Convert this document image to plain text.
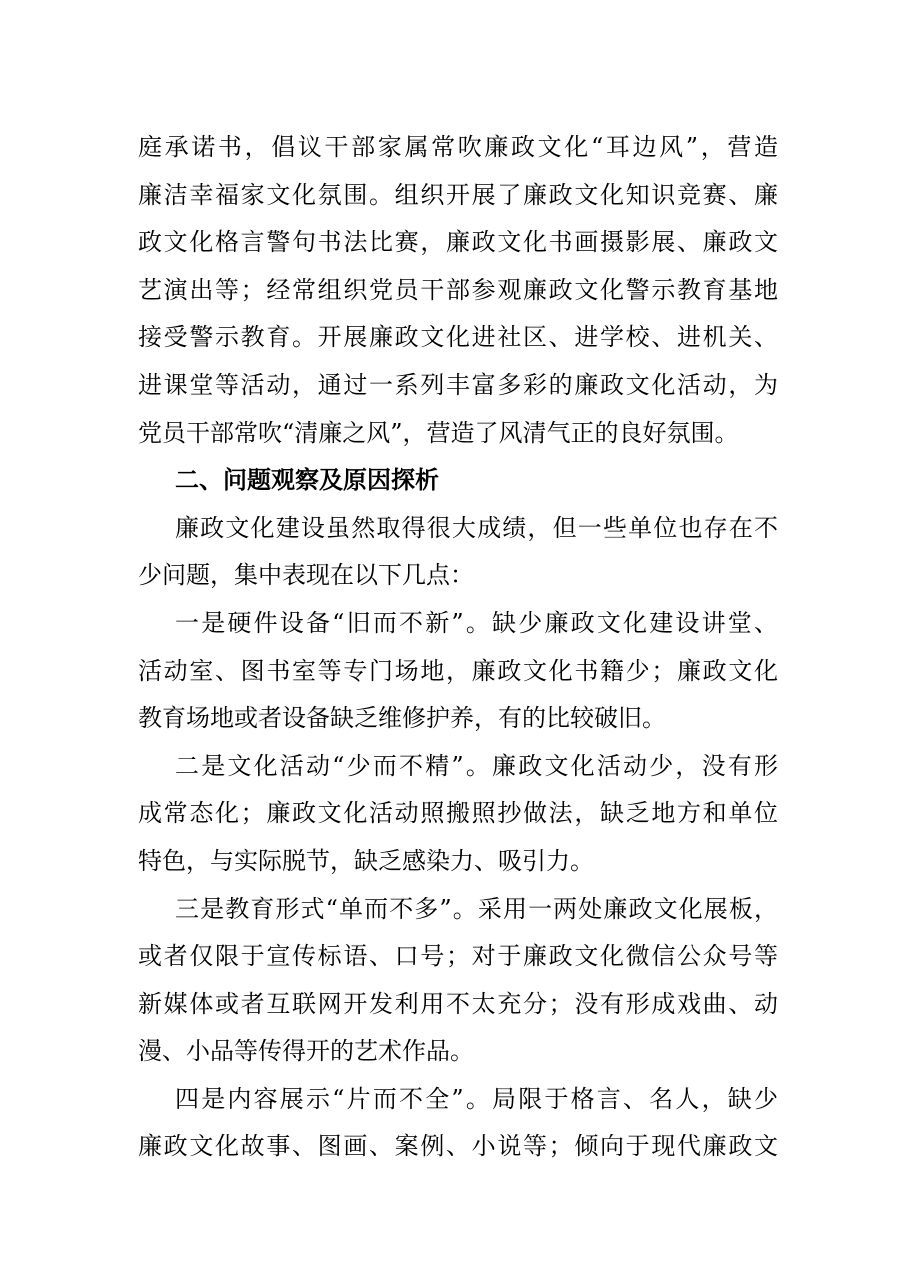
庭承诺书，倡议干部家属常吹廉政文化“耳边风”，营造
廉洁幸福家文化氛围。组织开展了廉政文化知识竞赛、廉
政文化格言警句书法比赛，廉政文化书画摄影展、廉政文
艺演出等；经常组织党员干部参观廉政文化警示教育基地
接受警示教育。开展廉政文化进社区、进学校、进机关、
进课堂等活动，通过一系列丰富多彩的廉政文化活动，为
党员干部常吹“清廉之风”，营造了风清气正的良好氛围。
二、问题观察及原因探析
廉政文化建设虽然取得很大成绩，但一些单位也存在不
少问题，集中表现在以下几点：
一是硬件设备“旧而不新”。缺少廉政文化建设讲堂、
活动室、图书室等专门场地，廉政文化书籍少；廉政文化
教育场地或者设备缺乏维修护养，有的比较破旧。
二是文化活动“少而不精”。廉政文化活动少，没有形
成常态化；廉政文化活动照搬照抄做法，缺乏地方和单位
特色，与实际脱节，缺乏感染力、吸引力。
三是教育形式“单而不多”。采用一两处廉政文化展板，
或者仅限于宣传标语、口号；对于廉政文化微信公众号等
新媒体或者互联网开发利用不太充分；没有形成戏曲、动
漫、小品等传得开的艺术作品。
四是内容展示“片而不全”。局限于格言、名人，缺少
廉政文化故事、图画、案例、小说等；倾向于现代廉政文
